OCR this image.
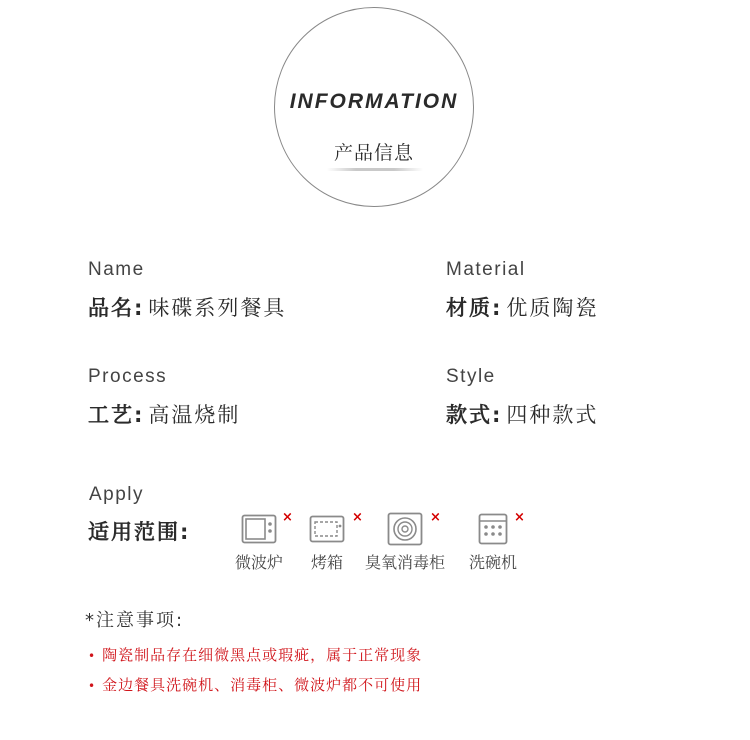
INFORMATION
产品信息
Name
品名: 味碟系列餐具
Material
材质: 优质陶瓷
Process
工艺: 高温烧制
Style
款式: 四种款式
Apply
适用范围:
×
微波炉
×
烤箱
×
臭氧消毒柜
×
洗碗机
*注意事项:
• 陶瓷制品存在细微黑点或瑕疵，属于正常现象
• 金边餐具洗碗机、消毒柜、微波炉都不可使用
